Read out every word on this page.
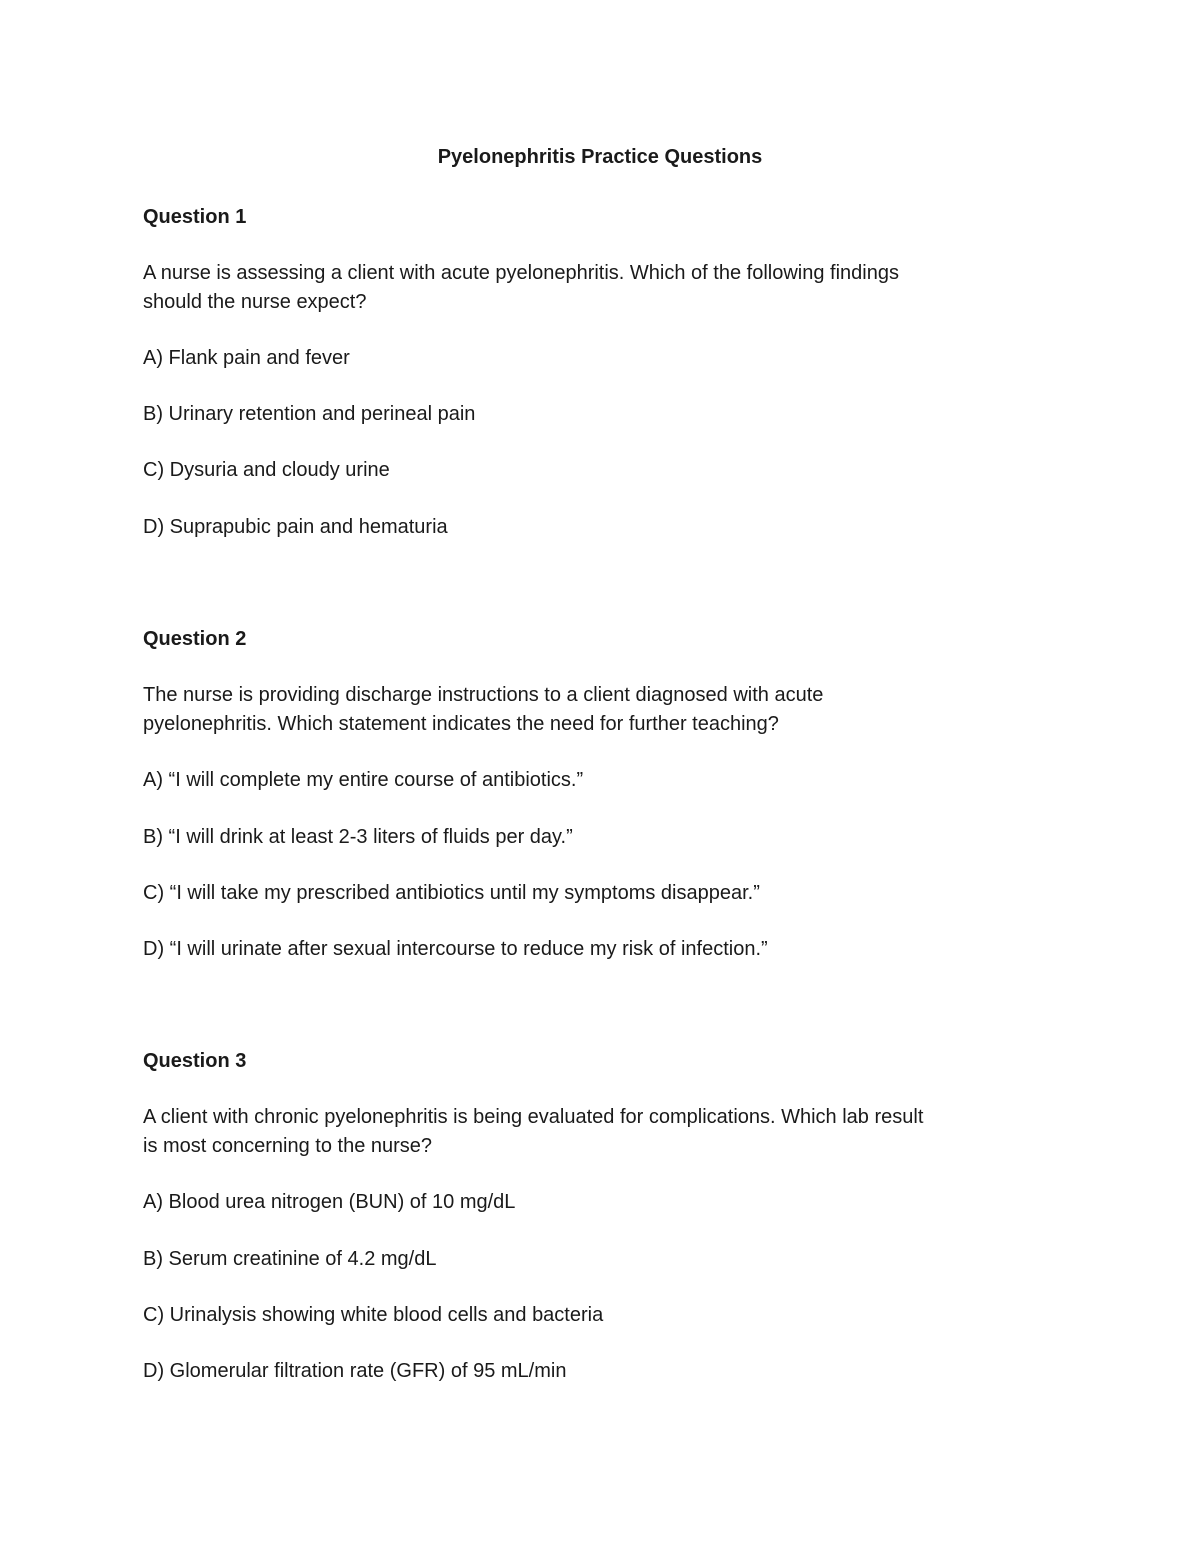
Pyelonephritis Practice Questions

Question 1

A nurse is assessing a client with acute pyelonephritis. Which of the following findings

should the nurse expect?

A) Flank pain and fever

B) Urinary retention and perineal pain

C) Dysuria and cloudy urine

D) Suprapubic pain and hematuria

Question 2

The nurse is providing discharge instructions to a client diagnosed with acute

pyelonephritis. Which statement indicates the need for further teaching?

A) “I will complete my entire course of antibiotics.”

B) “I will drink at least 2-3 liters of fluids per day.”

C) “I will take my prescribed antibiotics until my symptoms disappear.”

D) “I will urinate after sexual intercourse to reduce my risk of infection.”

Question 3

A client with chronic pyelonephritis is being evaluated for complications. Which lab result

is most concerning to the nurse?

A) Blood urea nitrogen (BUN) of 10 mg/dL

B) Serum creatinine of 4.2 mg/dL

C) Urinalysis showing white blood cells and bacteria

D) Glomerular filtration rate (GFR) of 95 mL/min
